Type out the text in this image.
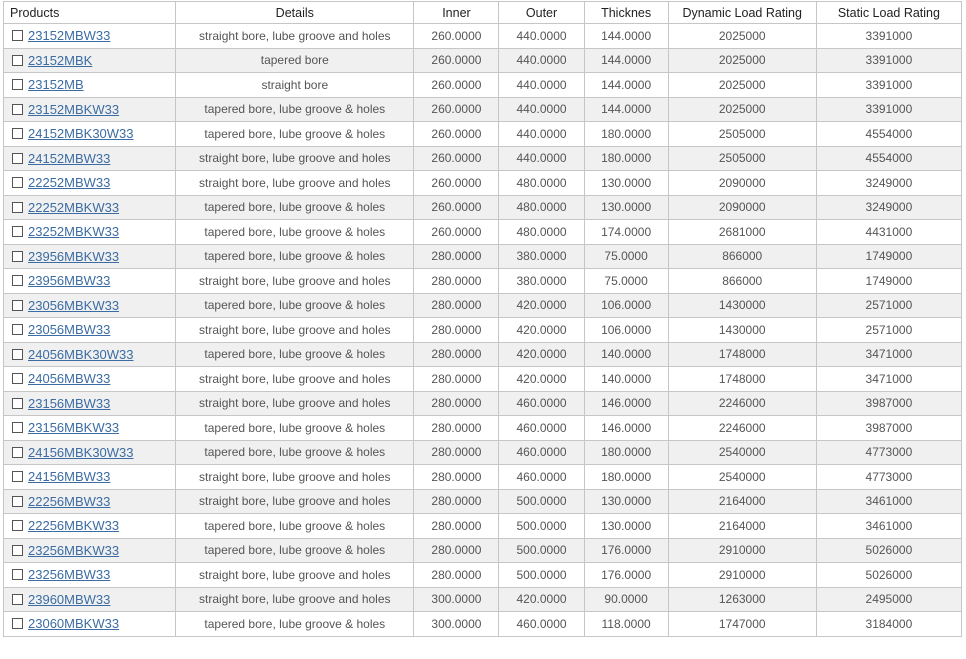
Products	Details	Inner	Outer	Thicknes	Dynamic Load Rating	Static Load Rating
23152MBW33	straight bore, lube groove and holes	260.0000	440.0000	144.0000	2025000	3391000
23152MBK	tapered bore	260.0000	440.0000	144.0000	2025000	3391000
23152MB	straight bore	260.0000	440.0000	144.0000	2025000	3391000
23152MBKW33	tapered bore, lube groove & holes	260.0000	440.0000	144.0000	2025000	3391000
24152MBK30W33	tapered bore, lube groove & holes	260.0000	440.0000	180.0000	2505000	4554000
24152MBW33	straight bore, lube groove and holes	260.0000	440.0000	180.0000	2505000	4554000
22252MBW33	straight bore, lube groove and holes	260.0000	480.0000	130.0000	2090000	3249000
22252MBKW33	tapered bore, lube groove & holes	260.0000	480.0000	130.0000	2090000	3249000
23252MBKW33	tapered bore, lube groove & holes	260.0000	480.0000	174.0000	2681000	4431000
23956MBKW33	tapered bore, lube groove & holes	280.0000	380.0000	75.0000	866000	1749000
23956MBW33	straight bore, lube groove and holes	280.0000	380.0000	75.0000	866000	1749000
23056MBKW33	tapered bore, lube groove & holes	280.0000	420.0000	106.0000	1430000	2571000
23056MBW33	straight bore, lube groove and holes	280.0000	420.0000	106.0000	1430000	2571000
24056MBK30W33	tapered bore, lube groove & holes	280.0000	420.0000	140.0000	1748000	3471000
24056MBW33	straight bore, lube groove and holes	280.0000	420.0000	140.0000	1748000	3471000
23156MBW33	straight bore, lube groove and holes	280.0000	460.0000	146.0000	2246000	3987000
23156MBKW33	tapered bore, lube groove & holes	280.0000	460.0000	146.0000	2246000	3987000
24156MBK30W33	tapered bore, lube groove & holes	280.0000	460.0000	180.0000	2540000	4773000
24156MBW33	straight bore, lube groove and holes	280.0000	460.0000	180.0000	2540000	4773000
22256MBW33	straight bore, lube groove and holes	280.0000	500.0000	130.0000	2164000	3461000
22256MBKW33	tapered bore, lube groove & holes	280.0000	500.0000	130.0000	2164000	3461000
23256MBKW33	tapered bore, lube groove & holes	280.0000	500.0000	176.0000	2910000	5026000
23256MBW33	straight bore, lube groove and holes	280.0000	500.0000	176.0000	2910000	5026000
23960MBW33	straight bore, lube groove and holes	300.0000	420.0000	90.0000	1263000	2495000
23060MBKW33	tapered bore, lube groove & holes	300.0000	460.0000	118.0000	1747000	3184000
